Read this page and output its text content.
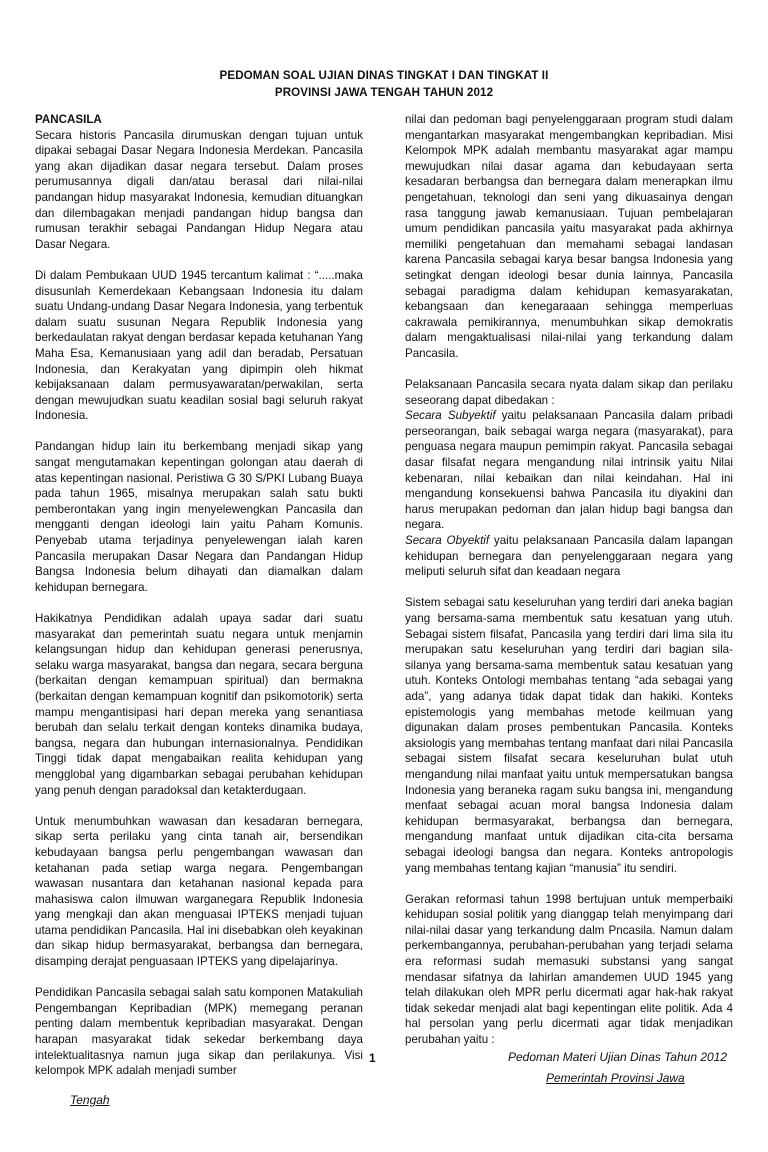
PEDOMAN SOAL UJIAN DINAS TINGKAT I DAN TINGKAT II
PROVINSI JAWA TENGAH TAHUN 2012
PANCASILA

Secara historis Pancasila dirumuskan dengan tujuan untuk dipakai sebagai Dasar Negara Indonesia Merdekan. Pancasila yang akan dijadikan dasar negara tersebut. Dalam proses perumusannya digali dan/atau berasal dari nilai-nilai pandangan hidup masyarakat Indonesia, kemudian dituangkan dan dilembagakan menjadi pandangan hidup bangsa dan rumusan terakhir sebagai Pandangan Hidup Negara atau Dasar Negara.

Di dalam Pembukaan UUD 1945 tercantum kalimat : “.....maka disusunlah Kemerdekaan Kebangsaan Indonesia itu dalam suatu Undang-undang Dasar Negara Indonesia, yang terbentuk dalam suatu susunan Negara Republik Indonesia yang berkedaulatan rakyat dengan berdasar kepada ketuhanan Yang Maha Esa, Kemanusiaan yang adil dan beradab, Persatuan Indonesia, dan Kerakyatan yang dipimpin oleh hikmat kebijaksanaan dalam permusyawaratan/perwakilan, serta dengan mewujudkan suatu keadilan sosial bagi seluruh rakyat Indonesia.

Pandangan hidup lain itu berkembang menjadi sikap yang sangat mengutamakan kepentingan golongan atau daerah di atas kepentingan nasional. Peristiwa G 30 S/PKI Lubang Buaya pada tahun 1965, misalnya merupakan salah satu bukti pemberontakan yang ingin menyelewengkan Pancasila dan mengganti dengan ideologi lain yaitu Paham Komunis. Penyebab utama terjadinya penyelewengan ialah karen Pancasila merupakan Dasar Negara dan Pandangan Hidup Bangsa Indonesia belum dihayati dan diamalkan dalam kehidupan bernegara.

Hakikatnya Pendidikan adalah upaya sadar dari suatu masyarakat dan pemerintah suatu negara untuk menjamin kelangsungan hidup dan kehidupan generasi penerusnya, selaku warga masyarakat, bangsa dan negara, secara berguna (berkaitan dengan kemampuan spiritual) dan bermakna (berkaitan dengan kemampuan kognitif dan psikomotorik) serta mampu mengantisipasi hari depan mereka yang senantiasa berubah dan selalu terkait dengan konteks dinamika budaya, bangsa, negara dan hubungan internasionalnya. Pendidikan Tinggi tidak dapat mengabaikan realita kehidupan yang mengglobal yang digambarkan sebagai perubahan kehidupan yang penuh dengan paradoksal dan ketakterdugaan.

Untuk menumbuhkan wawasan dan kesadaran bernegara, sikap serta perilaku yang cinta tanah air, bersendikan kebudayaan bangsa perlu pengembangan wawasan dan ketahanan pada setiap warga negara. Pengembangan wawasan nusantara dan ketahanan nasional kepada para mahasiswa calon ilmuwan warganegara Republik Indonesia yang mengkaji dan akan menguasai IPTEKS menjadi tujuan utama pendidikan Pancasila. Hal ini disebabkan oleh keyakinan dan sikap hidup bermasyarakat, berbangsa dan bernegara, disamping derajat penguasaan IPTEKS yang dipelajarinya.

Pendidikan Pancasila sebagai salah satu komponen Matakuliah Pengembangan Kepribadian (MPK) memegang peranan penting dalam membentuk kepribadian masyarakat. Dengan harapan masyarakat tidak sekedar berkembang daya intelektualitasnya namun juga sikap dan perilakunya. Visi kelompok MPK adalah menjadi sumber

nilai dan pedoman bagi penyelenggaraan program studi dalam mengantarkan masyarakat mengembangkan kepribadian. Misi Kelompok MPK adalah membantu masyarakat agar mampu mewujudkan nilai dasar agama dan kebudayaan serta kesadaran berbangsa dan bernegara dalam menerapkan ilmu pengetahuan, teknologi dan seni yang dikuasainya dengan rasa tanggung jawab kemanusiaan. Tujuan pembelajaran umum pendidikan pancasila yaitu masyarakat pada akhirnya memiliki pengetahuan dan memahami sebagai landasan karena Pancasila sebagai karya besar bangsa Indonesia yang setingkat dengan ideologi besar dunia lainnya, Pancasila sebagai paradigma dalam kehidupan kemasyarakatan, kebangsaan dan kenegaraaan sehingga memperluas cakrawala pemikirannya, menumbuhkan sikap demokratis dalam mengaktualisasi nilai-nilai yang terkandung dalam Pancasila.

Pelaksanaan Pancasila secara nyata dalam sikap dan perilaku seseorang dapat dibedakan :
Secara Subyektif yaitu pelaksanaan Pancasila dalam pribadi perseorangan, baik sebagai warga negara (masyarakat), para penguasa negara maupun pemimpin rakyat. Pancasila sebagai dasar filsafat negara mengandung nilai intrinsik yaitu Nilai kebenaran, nilai kebaikan dan nilai keindahan. Hal ini mengandung konsekuensi bahwa Pancasila itu diyakini dan harus merupakan pedoman dan jalan hidup bagi bangsa dan negara.
Secara Obyektif yaitu pelaksanaan Pancasila dalam lapangan kehidupan bernegara dan penyelenggaraan negara yang meliputi seluruh sifat dan keadaan negara

Sistem sebagai satu keseluruhan yang terdiri dari aneka bagian yang bersama-sama membentuk satu kesatuan yang utuh. Sebagai sistem filsafat, Pancasila yang terdiri dari lima sila itu merupakan satu keseluruhan yang terdiri dari bagian sila-silanya yang bersama-sama membentuk satau kesatuan yang utuh. Konteks Ontologi membahas tentang “ada sebagai yang ada”, yang adanya tidak dapat tidak dan hakiki. Konteks epistemologis yang membahas metode keilmuan yang digunakan dalam proses pembentukan Pancasila. Konteks aksiologis yang membahas tentang manfaat dari nilai Pancasila sebagai sistem filsafat secara keseluruhan bulat utuh mengandung nilai manfaat yaitu untuk mempersatukan bangsa Indonesia yang beraneka ragam suku bangsa ini, mengandung menfaat sebagai acuan moral bangsa Indonesia dalam kehidupan bermasyarakat, berbangsa dan bernegara, mengandung manfaat untuk dijadikan cita-cita bersama sebagai ideologi bangsa dan negara. Konteks antropologis yang membahas tentang kajian “manusia” itu sendiri.

Gerakan reformasi tahun 1998 bertujuan untuk memperbaiki kehidupan sosial politik yang dianggap telah menyimpang dari nilai-nilai dasar yang terkandung dalm Pncasila. Namun dalam perkembangannya, perubahan-perubahan yang terjadi selama era reformasi sudah memasuki substansi yang sangat mendasar sifatnya da lahirlan amandemen UUD 1945 yang telah dilakukan oleh MPR perlu dicermati agar hak-hak rakyat tidak sekedar menjadi alat bagi kepentingan elite politik. Ada 4 hal persolan yang perlu dicermati agar tidak menjadikan perubahan yaitu :

1	Pedoman Materi Ujian Dinas Tahun 2012
Pemerintah Provinsi Jawa
Tengah
